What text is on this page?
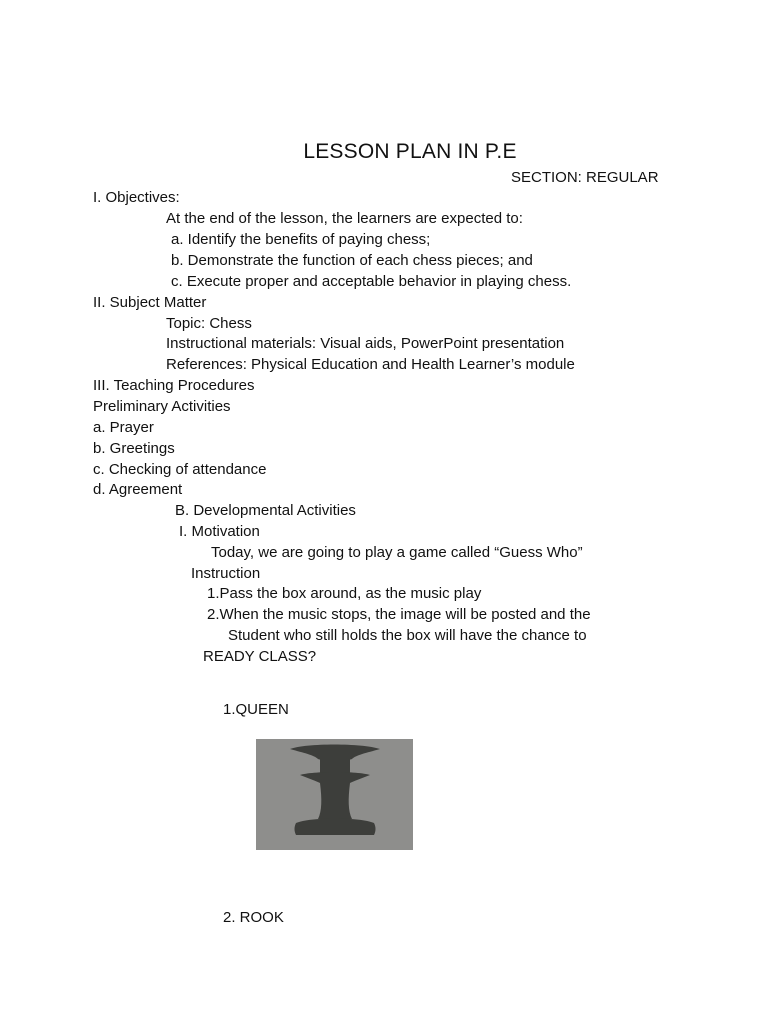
LESSON PLAN IN P.E
SECTION: REGULAR
I. Objectives:
At the end of the lesson, the learners are expected to:
a. Identify the benefits of paying chess;
b. Demonstrate the function of each chess pieces; and
c. Execute proper and acceptable behavior in playing chess.
II. Subject Matter
Topic: Chess
Instructional materials: Visual aids, PowerPoint presentation
References: Physical Education and Health Learner’s module
III. Teaching Procedures
Preliminary Activities
a. Prayer
b. Greetings
c. Checking of attendance
d. Agreement
B. Developmental Activities
I. Motivation
Today, we are going to play a game called “Guess Who”
Instruction
1.Pass the box around, as the music play
2.When the music stops, the image will be posted and the
Student who still holds the box will have the chance to
READY CLASS?
1.QUEEN
2. ROOK
